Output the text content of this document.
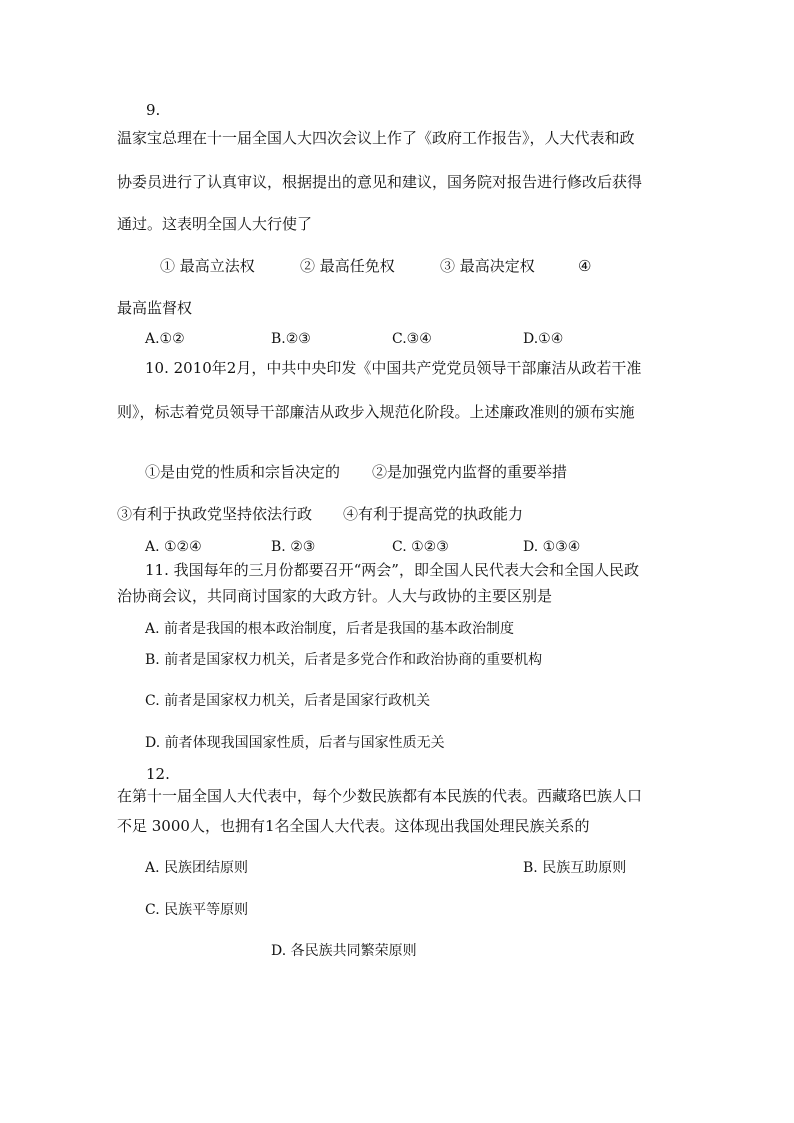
9.
温家宝总理在十一届全国人大四次会议上作了《政府工作报告》，人大代表和政
协委员进行了认真审议，根据提出的意见和建议，国务院对报告进行修改后获得
通过。这表明全国人大行使了
① 最高立法权	② 最高任免权	③ 最高决定权	④
最高监督权
A.①②	B.②③	C.③④	D.①④
10. 2010年2月，中共中央印发《中国共产党党员领导干部廉洁从政若干准
则》，标志着党员领导干部廉洁从政步入规范化阶段。上述廉政准则的颁布实施
①是由党的性质和宗旨决定的 ②是加强党内监督的重要举措
③有利于执政党坚持依法行政 ④有利于提高党的执政能力
A. ①②④	B. ②③	C. ①②③	D. ①③④
11. 我国每年的三月份都要召开“两会”，即全国人民代表大会和全国人民政
治协商会议，共同商讨国家的大政方针。人大与政协的主要区别是
A. 前者是我国的根本政治制度，后者是我国的基本政治制度
B. 前者是国家权力机关，后者是多党合作和政治协商的重要机构
C. 前者是国家权力机关，后者是国家行政机关
D. 前者体现我国国家性质，后者与国家性质无关
12.
在第十一届全国人大代表中，每个少数民族都有本民族的代表。西藏珞巴族人口
不足 3000人，也拥有1名全国人大代表。这体现出我国处理民族关系的
A. 民族团结原则	B. 民族互助原则
C. 民族平等原则
D. 各民族共同繁荣原则
